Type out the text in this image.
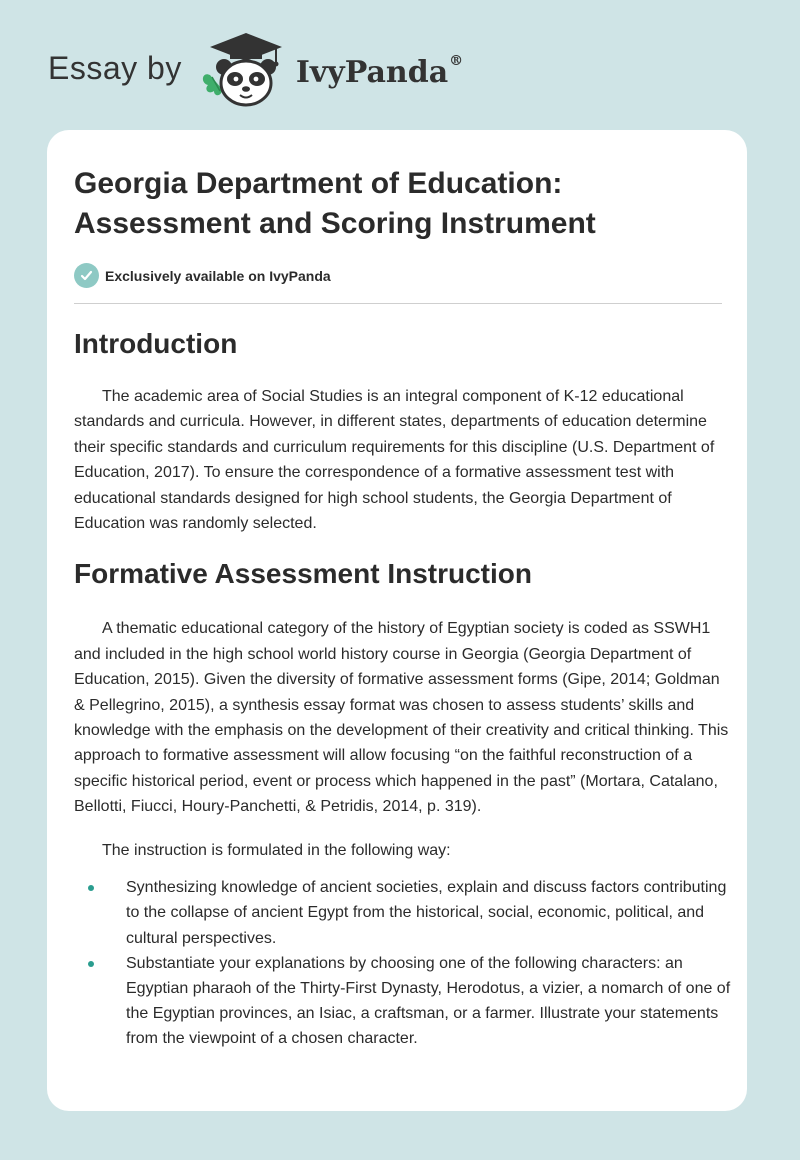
Essay by	IvyPanda®
Georgia Department of Education: Assessment and Scoring Instrument
Exclusively available on IvyPanda
Introduction

The academic area of Social Studies is an integral component of K-12 educational standards and curricula. However, in different states, departments of education determine their specific standards and curriculum requirements for this discipline (U.S. Department of Education, 2017). To ensure the correspondence of a formative assessment test with educational standards designed for high school students, the Georgia Department of Education was randomly selected.

Formative Assessment Instruction

A thematic educational category of the history of Egyptian society is coded as SSWH1 and included in the high school world history course in Georgia (Georgia Department of Education, 2015). Given the diversity of formative assessment forms (Gipe, 2014; Goldman & Pellegrino, 2015), a synthesis essay format was chosen to assess students’ skills and knowledge with the emphasis on the development of their creativity and critical thinking. This approach to formative assessment will allow focusing “on the faithful reconstruction of a specific historical period, event or process which happened in the past” (Mortara, Catalano, Bellotti, Fiucci, Houry-Panchetti, & Petridis, 2014, p. 319).

The instruction is formulated in the following way:

Synthesizing knowledge of ancient societies, explain and discuss factors contributing to the collapse of ancient Egypt from the historical, social, economic, political, and cultural perspectives.
Substantiate your explanations by choosing one of the following characters: an Egyptian pharaoh of the Thirty-First Dynasty, Herodotus, a vizier, a nomarch of one of the Egyptian provinces, an Isiac, a craftsman, or a farmer. Illustrate your statements from the viewpoint of a chosen character.
